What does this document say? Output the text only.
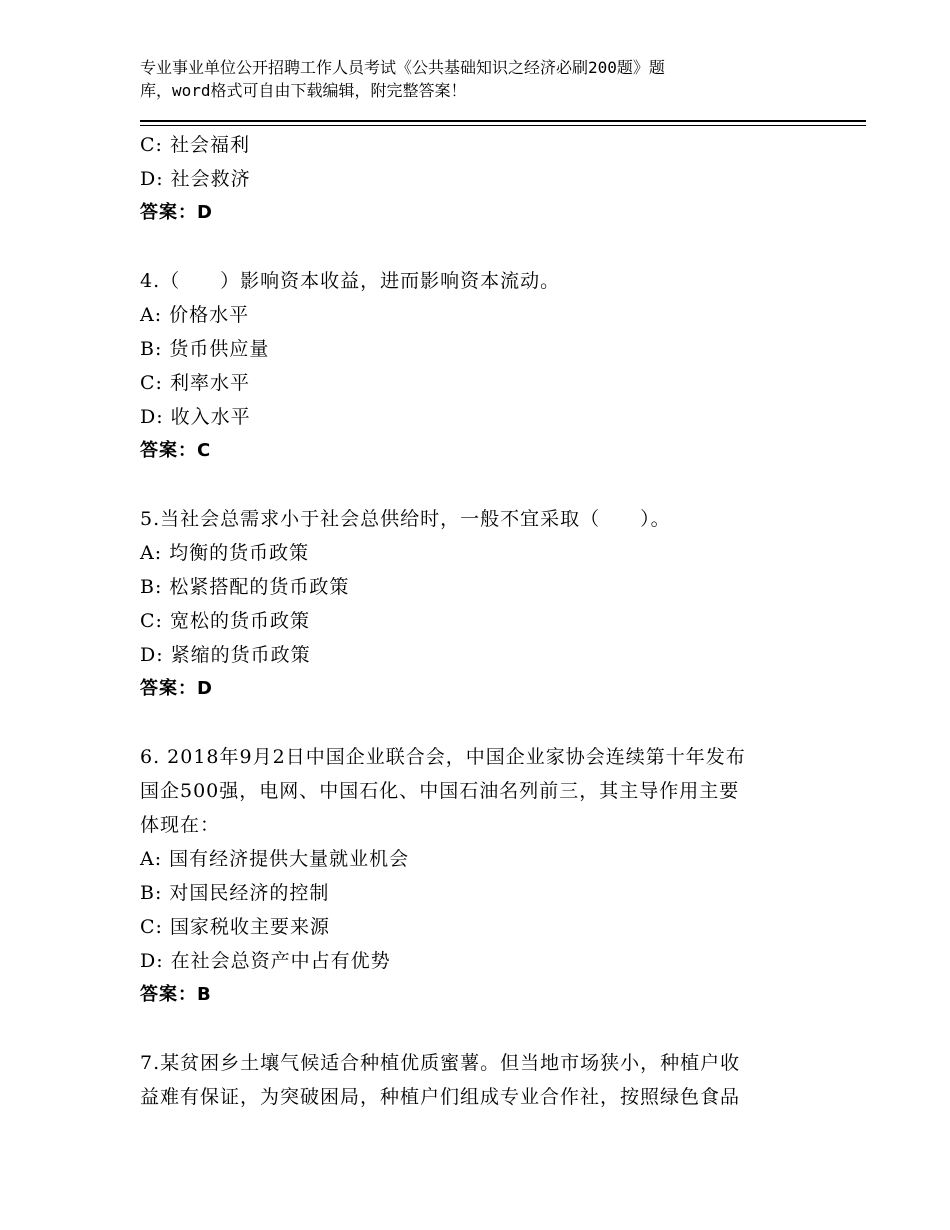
专业事业单位公开招聘工作人员考试《公共基础知识之经济必刷200题》题
库，word格式可自由下载编辑，附完整答案！
C: 社会福利
D: 社会救济
答案：D
4.（　　）影响资本收益，进而影响资本流动。
A: 价格水平
B: 货币供应量
C: 利率水平
D: 收入水平
答案：C
5.当社会总需求小于社会总供给时，一般不宜采取（　　）。
A: 均衡的货币政策
B: 松紧搭配的货币政策
C: 宽松的货币政策
D: 紧缩的货币政策
答案：D
6. 2018年9月2日中国企业联合会，中国企业家协会连续第十年发布
国企500强，电网、中国石化、中国石油名列前三，其主导作用主要
体现在：
A: 国有经济提供大量就业机会
B: 对国民经济的控制
C: 国家税收主要来源
D: 在社会总资产中占有优势
答案：B
7.某贫困乡土壤气候适合种植优质蜜薯。但当地市场狭小，种植户收
益难有保证，为突破困局，种植户们组成专业合作社，按照绿色食品
